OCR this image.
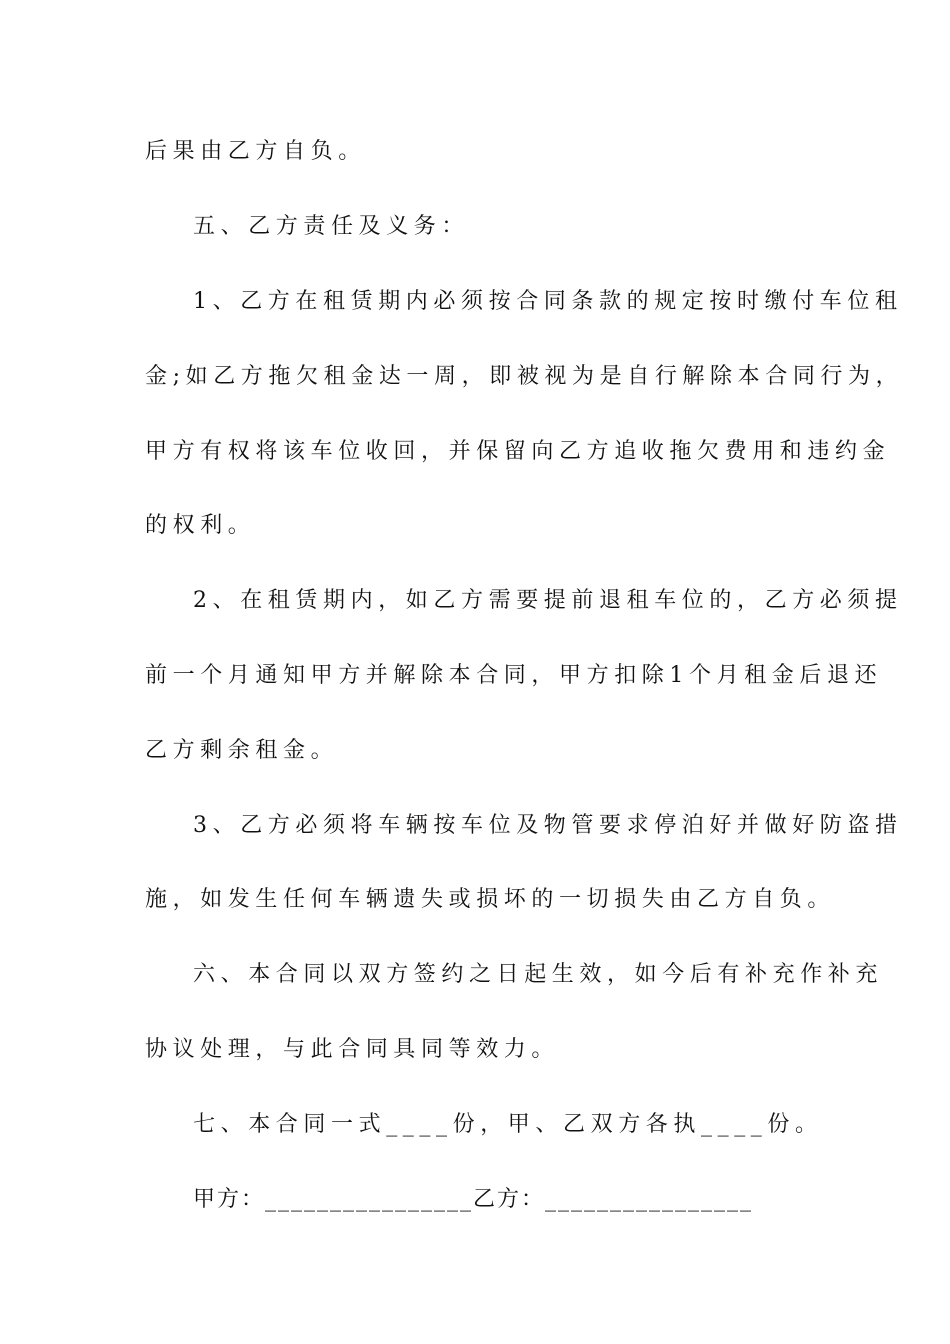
后果由乙方自负。

五、乙方责任及义务：

1、乙方在租赁期内必须按合同条款的规定按时缴付车位租

金;如乙方拖欠租金达一周，即被视为是自行解除本合同行为，

甲方有权将该车位收回，并保留向乙方追收拖欠费用和违约金

的权利。

2、在租赁期内，如乙方需要提前退租车位的，乙方必须提

前一个月通知甲方并解除本合同，甲方扣除1个月租金后退还

乙方剩余租金。

3、乙方必须将车辆按车位及物管要求停泊好并做好防盗措

施，如发生任何车辆遗失或损坏的一切损失由乙方自负。

六、本合同以双方签约之日起生效，如今后有补充作补充

协议处理，与此合同具同等效力。

七、本合同一式____份，甲、乙双方各执____份。

甲方：________________乙方：________________
